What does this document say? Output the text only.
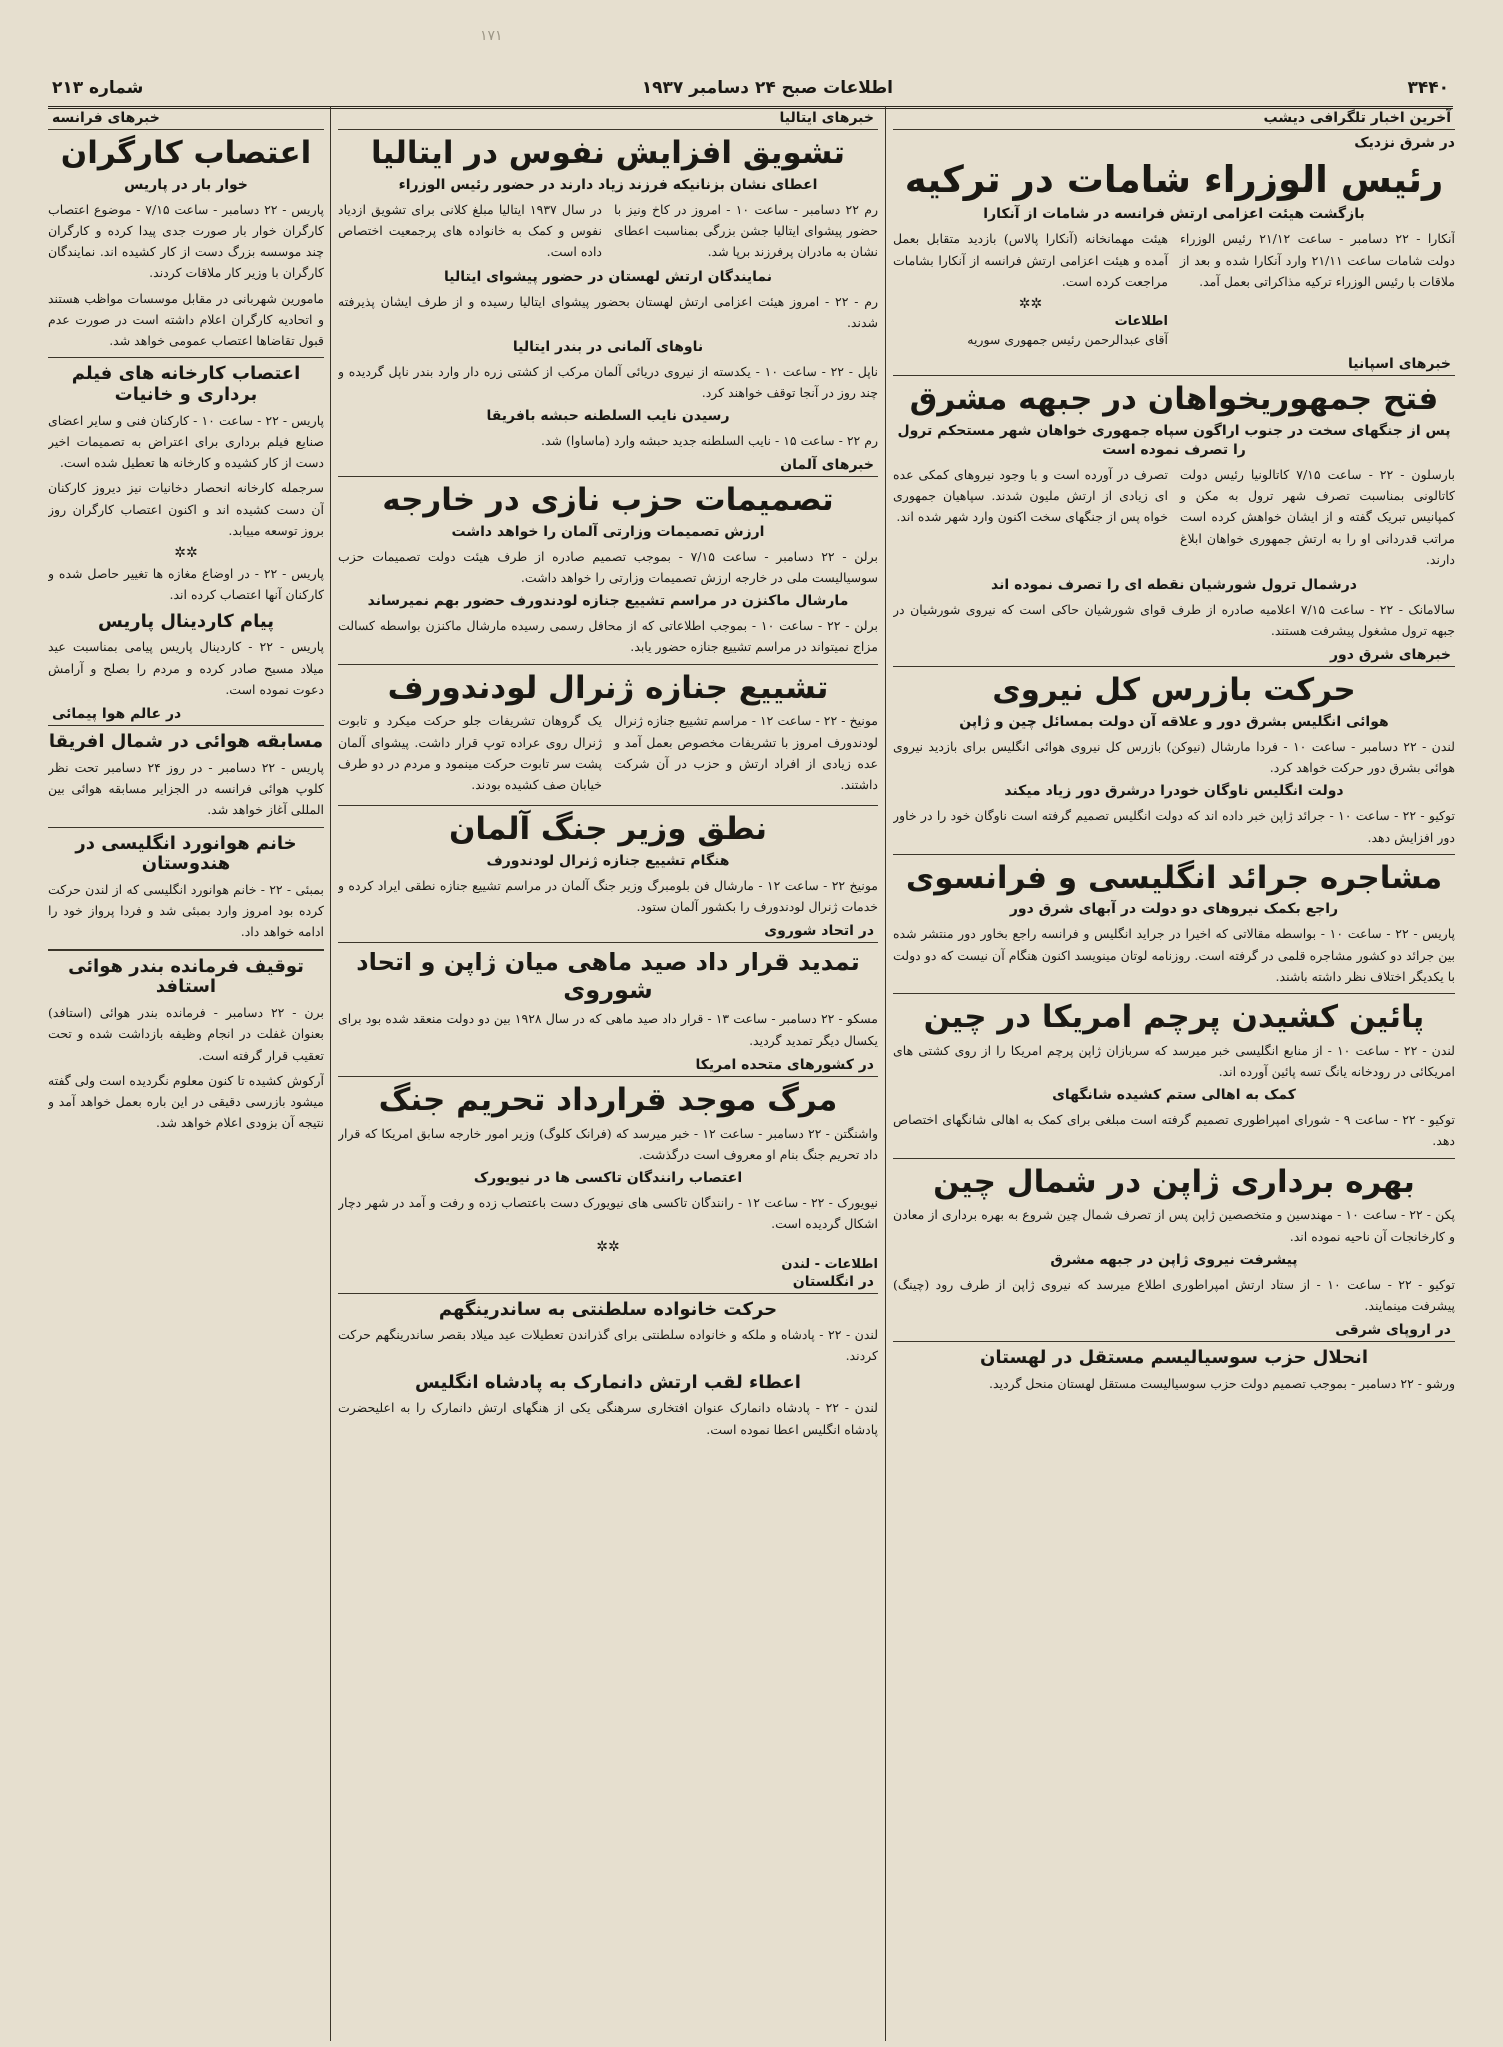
۱۷۱
۳۴۴۰
اطلاعات صبح ۲۴ دسامبر ۱۹۳۷
شماره ۲۱۳
آخرین اخبار تلگرافی دیشب
در شرق نزدیک
رئیس الوزراء شامات در ترکیه
بازگشت هیئت اعزامی ارتش فرانسه در شامات از آنکارا

آنکارا - ۲۲ دسامبر - ساعت ۲۱/۱۲ رئیس الوزراء دولت شامات ساعت ۲۱/۱۱ وارد آنکارا شده و بعد از ملاقات با رئیس الوزراء ترکیه مذاکراتی بعمل آمد.

هیئت مهمانخانه (آنکارا پالاس) بازدید متقابل بعمل آمده و هیئت اعزامی ارتش فرانسه از آنکارا بشامات مراجعت کرده است.

✲✲
اطلاعات

آقای عبدالرحمن رئیس جمهوری سوریه

خبرهای اسپانیا
فتح جمهوریخواهان در جبهه مشرق
پس از جنگهای سخت در جنوب اراگون سپاه جمهوری خواهان شهر مستحکم ترول را تصرف نموده است

بارسلون - ۲۲ - ساعت ۷/۱۵ کاتالونیا رئیس دولت کاتالونی بمناسبت تصرف شهر ترول به مکن و کمپانیس تبریک گفته و از ایشان خواهش کرده است مراتب قدردانی او را به ارتش جمهوری خواهان ابلاغ دارند.

تصرف در آورده است و با وجود نیروهای کمکی عده ای زیادی از ارتش ملیون شدند. سپاهیان جمهوری خواه پس از جنگهای سخت اکنون وارد شهر شده اند.

درشمال ترول شورشیان نقطه ای را تصرف نموده اند

سالامانک - ۲۲ - ساعت ۷/۱۵ اعلامیه صادره از طرف قوای شورشیان حاکی است که نیروی شورشیان در جبهه ترول مشغول پیشرفت هستند.

خبرهای شرق دور
حرکت بازرس کل نیروی
هوائی انگلیس بشرق دور و علاقه آن دولت بمسائل چین و ژاپن

لندن - ۲۲ دسامبر - ساعت ۱۰ - فردا مارشال (نیوکن) بازرس کل نیروی هوائی انگلیس برای بازدید نیروی هوائی بشرق دور حرکت خواهد کرد.

دولت انگلیس ناوگان خودرا درشرق دور زیاد میکند

توکیو - ۲۲ - ساعت ۱۰ - جرائد ژاپن خبر داده اند که دولت انگلیس تصمیم گرفته است ناوگان خود را در خاور دور افزایش دهد.

مشاجره جرائد انگلیسی و فرانسوی
راجع بکمک نیروهای دو دولت در آبهای شرق دور

پاریس - ۲۲ - ساعت ۱۰ - بواسطه مقالاتی که اخیرا در جراید انگلیس و فرانسه راجع بخاور دور منتشر شده بین جرائد دو کشور مشاجره قلمی در گرفته است. روزنامه لوتان مینویسد اکنون هنگام آن نیست که دو دولت با یکدیگر اختلاف نظر داشته باشند.

پائین کشیدن پرچم امریکا در چین

لندن - ۲۲ - ساعت ۱۰ - از منابع انگلیسی خبر میرسد که سربازان ژاپن پرچم امریکا را از روی کشتی های امریکائی در رودخانه یانگ تسه پائین آورده اند.

کمک به اهالی ستم کشیده شانگهای

توکیو - ۲۲ - ساعت ۹ - شورای امپراطوری تصمیم گرفته است مبلغی برای کمک به اهالی شانگهای اختصاص دهد.

بهره برداری ژاپن در شمال چین

پکن - ۲۲ - ساعت ۱۰ - مهندسین و متخصصین ژاپن پس از تصرف شمال چین شروع به بهره برداری از معادن و کارخانجات آن ناحیه نموده اند.

پیشرفت نیروی ژاپن در جبهه مشرق

توکیو - ۲۲ - ساعت ۱۰ - از ستاد ارتش امپراطوری اطلاع میرسد که نیروی ژاپن از طرف رود (چینگ) پیشرفت مینمایند.

در اروپای شرقی
انحلال حزب سوسیالیسم مستقل در لهستان

ورشو - ۲۲ دسامبر - بموجب تصمیم دولت حزب سوسیالیست مستقل لهستان منحل گردید.

خبرهای ایتالیا
تشویق افزایش نفوس در ایتالیا
اعطای نشان بزنانیکه فرزند زیاد دارند در حضور رئیس الوزراء

رم ۲۲ دسامبر - ساعت ۱۰ - امروز در کاخ ونیز با حضور پیشوای ایتالیا جشن بزرگی بمناسبت اعطای نشان به مادران پرفرزند برپا شد.

در سال ۱۹۳۷ ایتالیا مبلغ کلانی برای تشویق ازدیاد نفوس و کمک به خانواده های پرجمعیت اختصاص داده است.

نمایندگان ارتش لهستان در حضور پیشوای ایتالیا

رم - ۲۲ - امروز هیئت اعزامی ارتش لهستان بحضور پیشوای ایتالیا رسیده و از طرف ایشان پذیرفته شدند.

ناوهای آلمانی در بندر ایتالیا

ناپل - ۲۲ - ساعت ۱۰ - یکدسته از نیروی دریائی آلمان مرکب از کشتی زره دار وارد بندر ناپل گردیده و چند روز در آنجا توقف خواهند کرد.

رسیدن نایب السلطنه حبشه بافریقا

رم ۲۲ - ساعت ۱۵ - نایب السلطنه جدید حبشه وارد (ماساوا) شد.

خبرهای آلمان
تصمیمات حزب نازی در خارجه
ارزش تصمیمات وزارتی آلمان را خواهد داشت

برلن - ۲۲ دسامبر - ساعت ۷/۱۵ - بموجب تصمیم صادره از طرف هیئت دولت تصمیمات حزب سوسیالیست ملی در خارجه ارزش تصمیمات وزارتی را خواهد داشت.

مارشال ماکنزن در مراسم تشییع جنازه لودندورف حضور بهم نمیرساند

برلن - ۲۲ - ساعت ۱۰ - بموجب اطلاعاتی که از محافل رسمی رسیده مارشال ماکنزن بواسطه کسالت مزاج نمیتواند در مراسم تشییع جنازه حضور یابد.

تشییع جنازه ژنرال لودندورف

مونیخ - ۲۲ - ساعت ۱۲ - مراسم تشییع جنازه ژنرال لودندورف امروز با تشریفات مخصوص بعمل آمد و عده زیادی از افراد ارتش و حزب در آن شرکت داشتند.

یک گروهان تشریفات جلو حرکت میکرد و تابوت ژنرال روی عراده توپ قرار داشت. پیشوای آلمان پشت سر تابوت حرکت مینمود و مردم در دو طرف خیابان صف کشیده بودند.

نطق وزیر جنگ آلمان
هنگام تشییع جنازه ژنرال لودندورف

مونیخ ۲۲ - ساعت ۱۲ - مارشال فن بلومبرگ وزیر جنگ آلمان در مراسم تشییع جنازه نطقی ایراد کرده و خدمات ژنرال لودندورف را بکشور آلمان ستود.

در اتحاد شوروی
تمدید قرار داد صید ماهی میان ژاپن و اتحاد شوروی

مسکو - ۲۲ دسامبر - ساعت ۱۳ - قرار داد صید ماهی که در سال ۱۹۲۸ بین دو دولت منعقد شده بود برای یکسال دیگر تمدید گردید.

در کشورهای متحده امریکا
مرگ موجد قرارداد تحریم جنگ

واشنگتن - ۲۲ دسامبر - ساعت ۱۲ - خبر میرسد که (فرانک کلوگ) وزیر امور خارجه سابق امریکا که قرار داد تحریم جنگ بنام او معروف است درگذشت.

اعتصاب رانندگان تاکسی ها در نیویورک

نیویورک - ۲۲ - ساعت ۱۲ - رانندگان تاکسی های نیویورک دست باعتصاب زده و رفت و آمد در شهر دچار اشکال گردیده است.

✲✲
اطلاعات - لندن
در انگلستان
حرکت خانواده سلطنتی به ساندرینگهم

لندن - ۲۲ - پادشاه و ملکه و خانواده سلطنتی برای گذراندن تعطیلات عید میلاد بقصر ساندرینگهم حرکت کردند.

اعطاء لقب ارتش دانمارک به پادشاه انگلیس

لندن - ۲۲ - پادشاه دانمارک عنوان افتخاری سرهنگی یکی از هنگهای ارتش دانمارک را به اعلیحضرت پادشاه انگلیس اعطا نموده است.

خبرهای فرانسه
اعتصاب کارگران
خوار بار در پاریس

پاریس - ۲۲ دسامبر - ساعت ۷/۱۵ - موضوع اعتصاب کارگران خوار بار صورت جدی پیدا کرده و کارگران چند موسسه بزرگ دست از کار کشیده اند. نمایندگان کارگران با وزیر کار ملاقات کردند.

مامورین شهربانی در مقابل موسسات مواظب هستند و اتحادیه کارگران اعلام داشته است در صورت عدم قبول تقاضاها اعتصاب عمومی خواهد شد.

اعتصاب کارخانه های فیلم برداری و خانیات

پاریس - ۲۲ - ساعت ۱۰ - کارکنان فنی و سایر اعضای صنایع فیلم برداری برای اعتراض به تصمیمات اخیر دست از کار کشیده و کارخانه ها تعطیل شده است.

سرجمله کارخانه انحصار دخانیات نیز دیروز کارکنان آن دست کشیده اند و اکنون اعتصاب کارگران روز بروز توسعه مییابد.

✲✲

پاریس - ۲۲ - در اوضاع مغازه ها تغییر حاصل شده و کارکنان آنها اعتصاب کرده اند.

پیام کاردینال پاریس

پاریس - ۲۲ - کاردینال پاریس پیامی بمناسبت عید میلاد مسیح صادر کرده و مردم را بصلح و آرامش دعوت نموده است.

در عالم هوا پیمائی
مسابقه هوائی در شمال افریقا

پاریس - ۲۲ دسامبر - در روز ۲۴ دسامبر تحت نظر کلوپ هوائی فرانسه در الجزایر مسابقه هوائی بین المللی آغاز خواهد شد.

خانم هوانورد انگلیسی در هندوستان

بمبئی - ۲۲ - خانم هوانورد انگلیسی که از لندن حرکت کرده بود امروز وارد بمبئی شد و فردا پرواز خود را ادامه خواهد داد.

توقیف فرمانده بندر هوائی استافد

برن - ۲۲ دسامبر - فرمانده بندر هوائی (استافد) بعنوان غفلت در انجام وظیفه بازداشت شده و تحت تعقیب قرار گرفته است.

آرکوش کشیده تا کنون معلوم نگردیده است ولی گفته میشود بازرسی دقیقی در این باره بعمل خواهد آمد و نتیجه آن بزودی اعلام خواهد شد.
